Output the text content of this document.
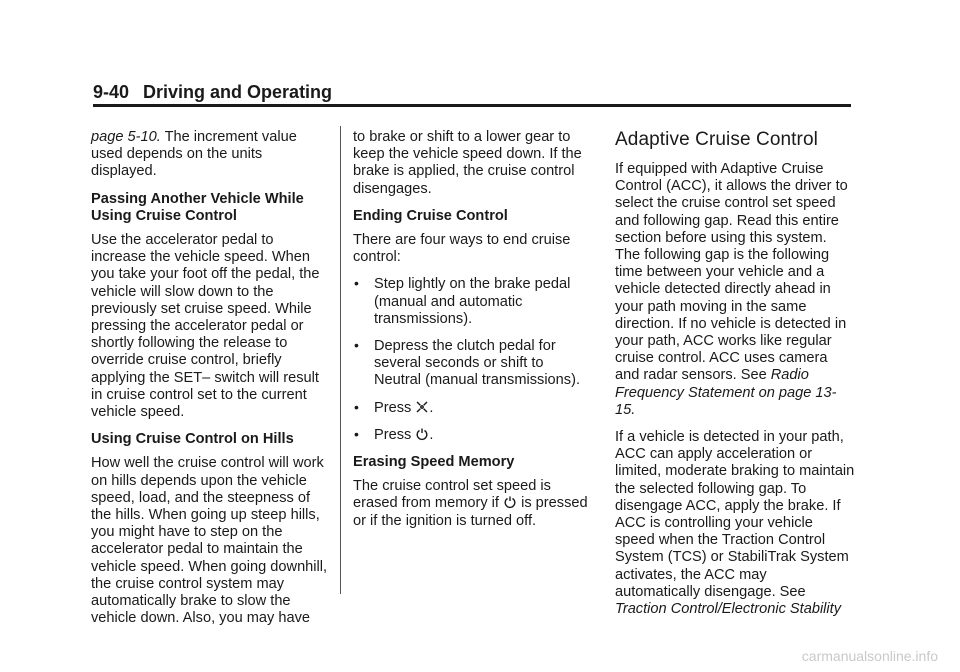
9-40 Driving and Operating

page 5-10. The increment value used depends on the units displayed.

Passing Another Vehicle While Using Cruise Control

Use the accelerator pedal to increase the vehicle speed. When you take your foot off the pedal, the vehicle will slow down to the previously set cruise speed. While pressing the accelerator pedal or shortly following the release to override cruise control, briefly applying the SET– switch will result in cruise control set to the current vehicle speed.

Using Cruise Control on Hills

How well the cruise control will work on hills depends upon the vehicle speed, load, and the steepness of the hills. When going up steep hills, you might have to step on the accelerator pedal to maintain the vehicle speed. When going downhill, the cruise control system may automatically brake to slow the vehicle down. Also, you may have

to brake or shift to a lower gear to keep the vehicle speed down. If the brake is applied, the cruise control disengages.

Ending Cruise Control

There are four ways to end cruise control:

• Step lightly on the brake pedal (manual and automatic transmissions).
• Depress the clutch pedal for several seconds or shift to Neutral (manual transmissions).
• Press .
• Press .

Erasing Speed Memory

The cruise control set speed is erased from memory if  is pressed or if the ignition is turned off.

Adaptive Cruise Control

If equipped with Adaptive Cruise Control (ACC), it allows the driver to select the cruise control set speed and following gap. Read this entire section before using this system. The following gap is the following time between your vehicle and a vehicle detected directly ahead in your path moving in the same direction. If no vehicle is detected in your path, ACC works like regular cruise control. ACC uses camera and radar sensors. See Radio Frequency Statement on page 13-15.

If a vehicle is detected in your path, ACC can apply acceleration or limited, moderate braking to maintain the selected following gap. To disengage ACC, apply the brake. If ACC is controlling your vehicle speed when the Traction Control System (TCS) or StabiliTrak System activates, the ACC may automatically disengage. See Traction Control/Electronic Stability

carmanualsonline.info
